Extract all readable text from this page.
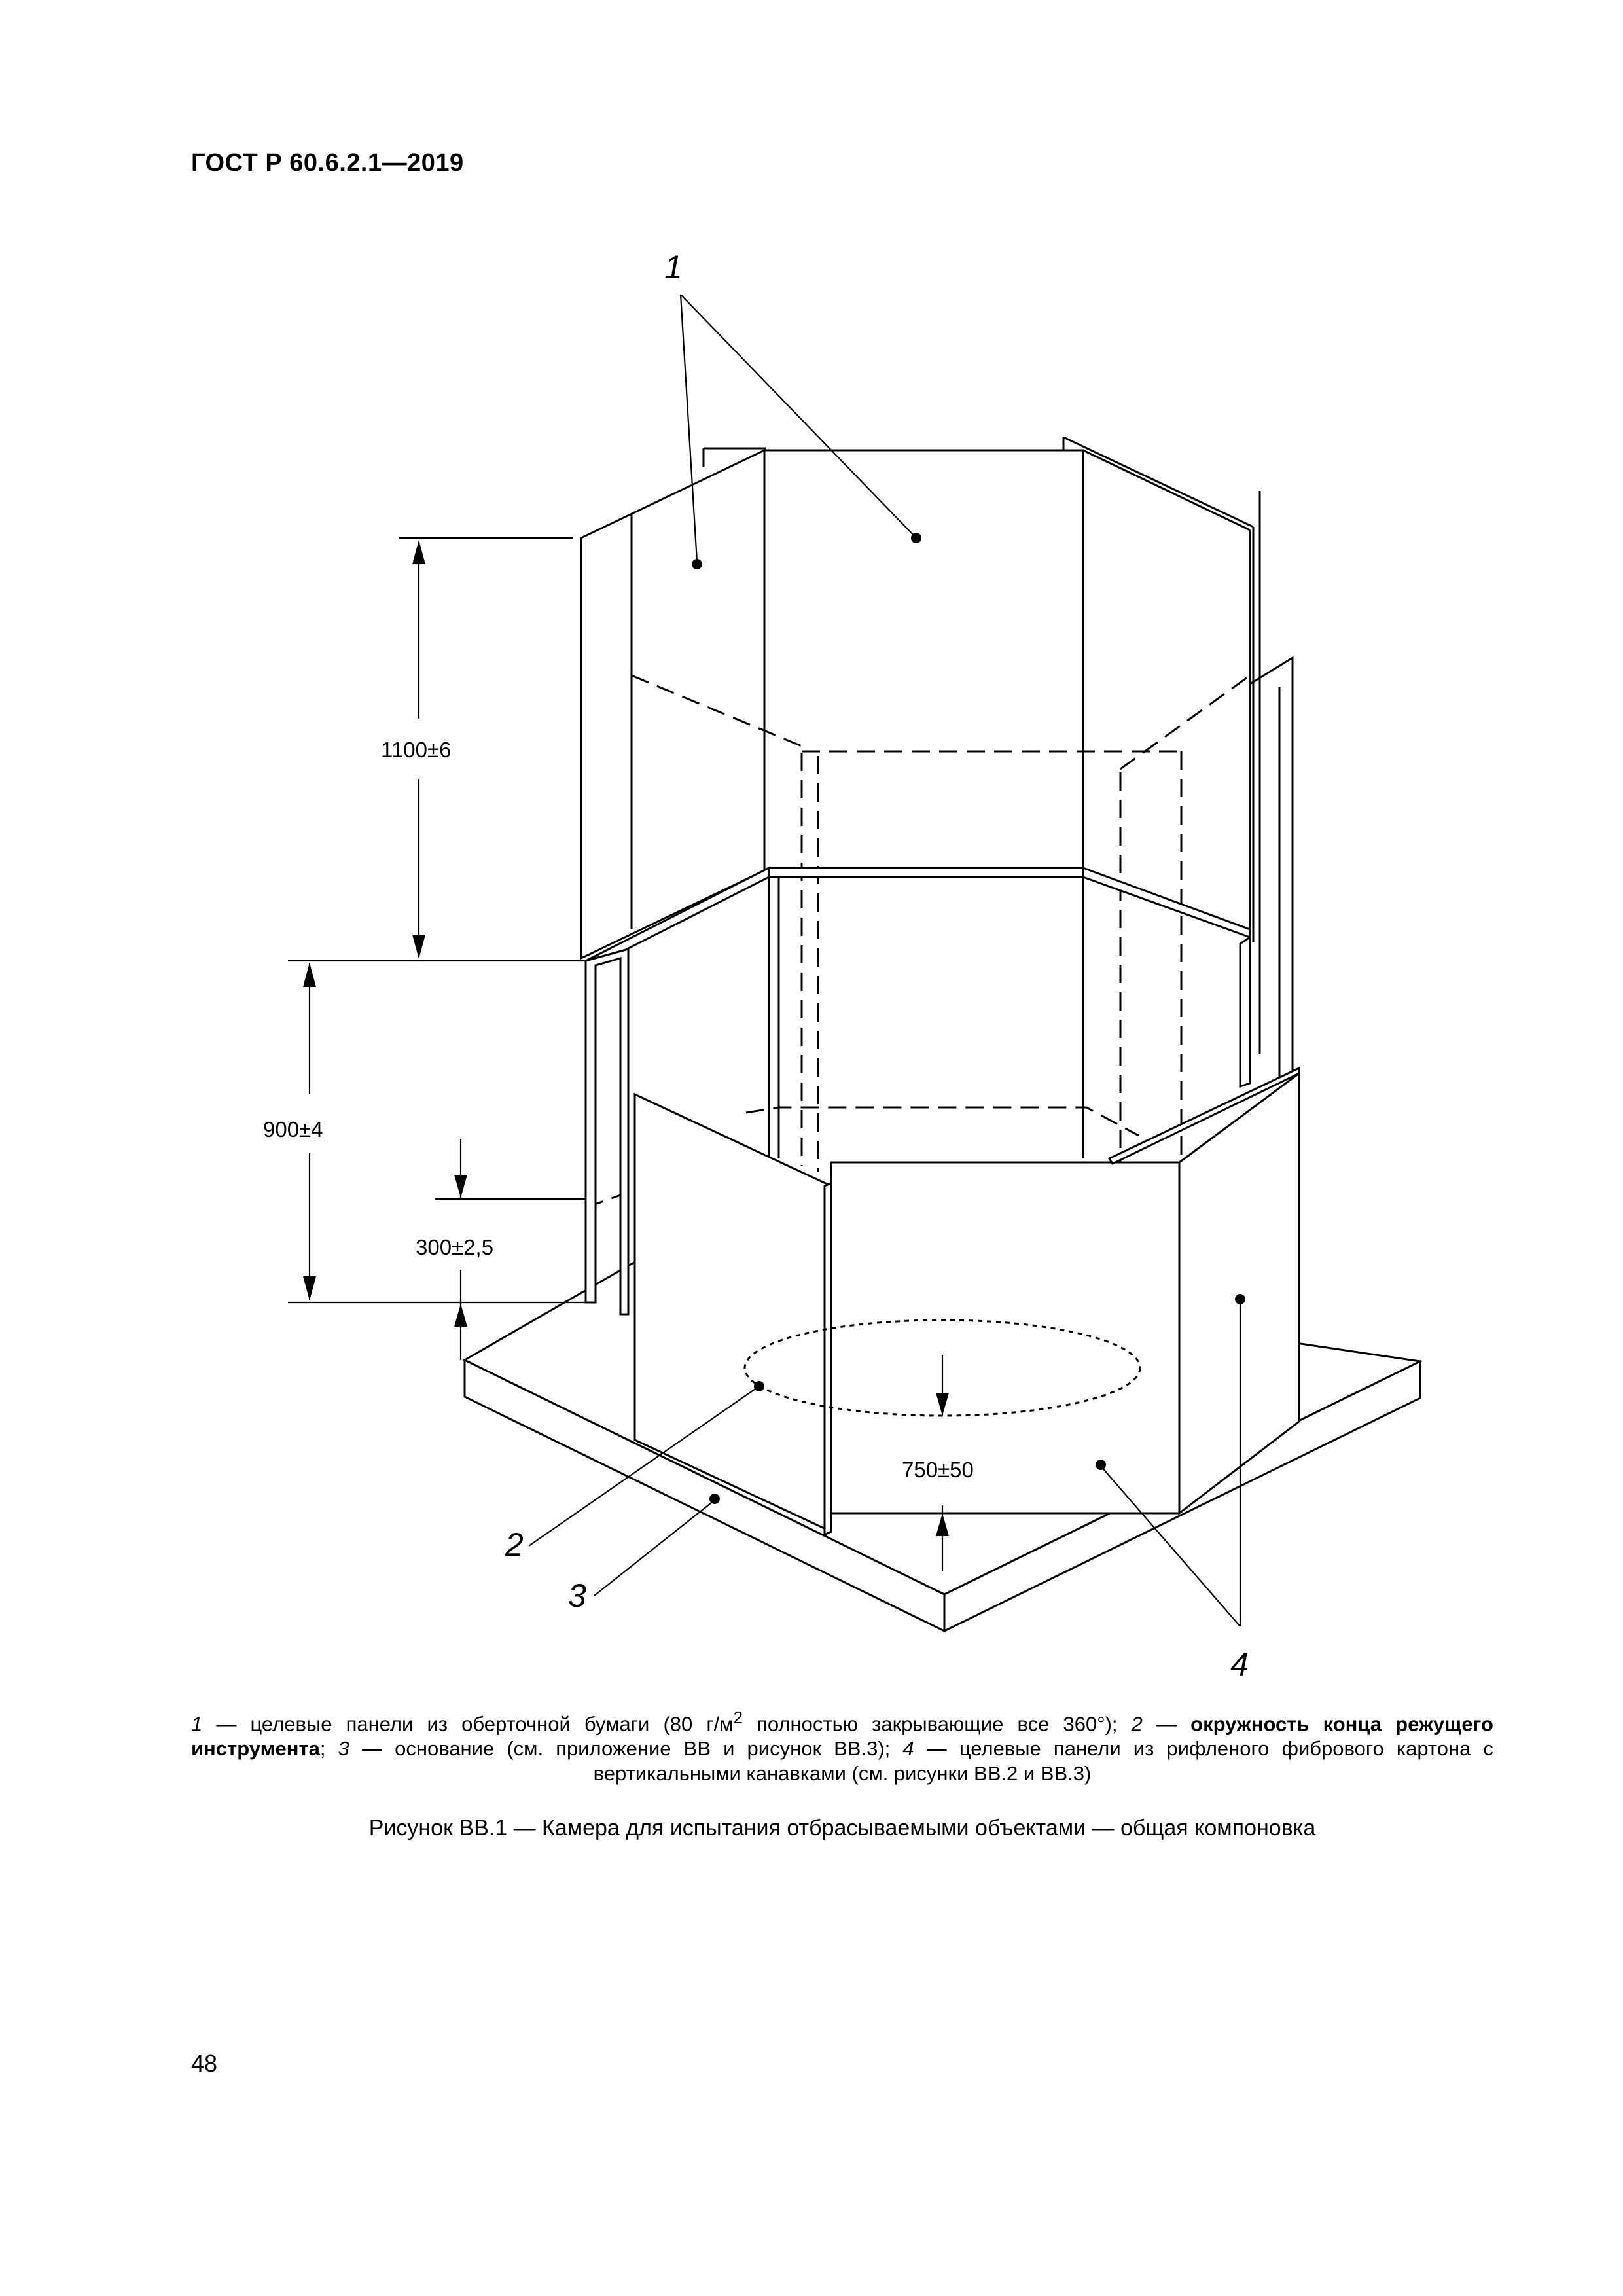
ГОСТ Р 60.6.2.1—2019
1100±6
900±4
300±2,5
750±50
1
2
3
4
1 — целевые панели из оберточной бумаги (80 $г/м^2$ полностью закрывающие все 360°); 2 — окружность конца режущего инструмента; 3 — основание (см. приложение ВВ и рисунок ВВ.3); 4 — целевые панели из рифленого фибрового картона с вертикальными канавками (см. рисунки ВВ.2 и ВВ.3)
Рисунок ВВ.1 — Камера для испытания отбрасываемыми объектами — общая компоновка
48
